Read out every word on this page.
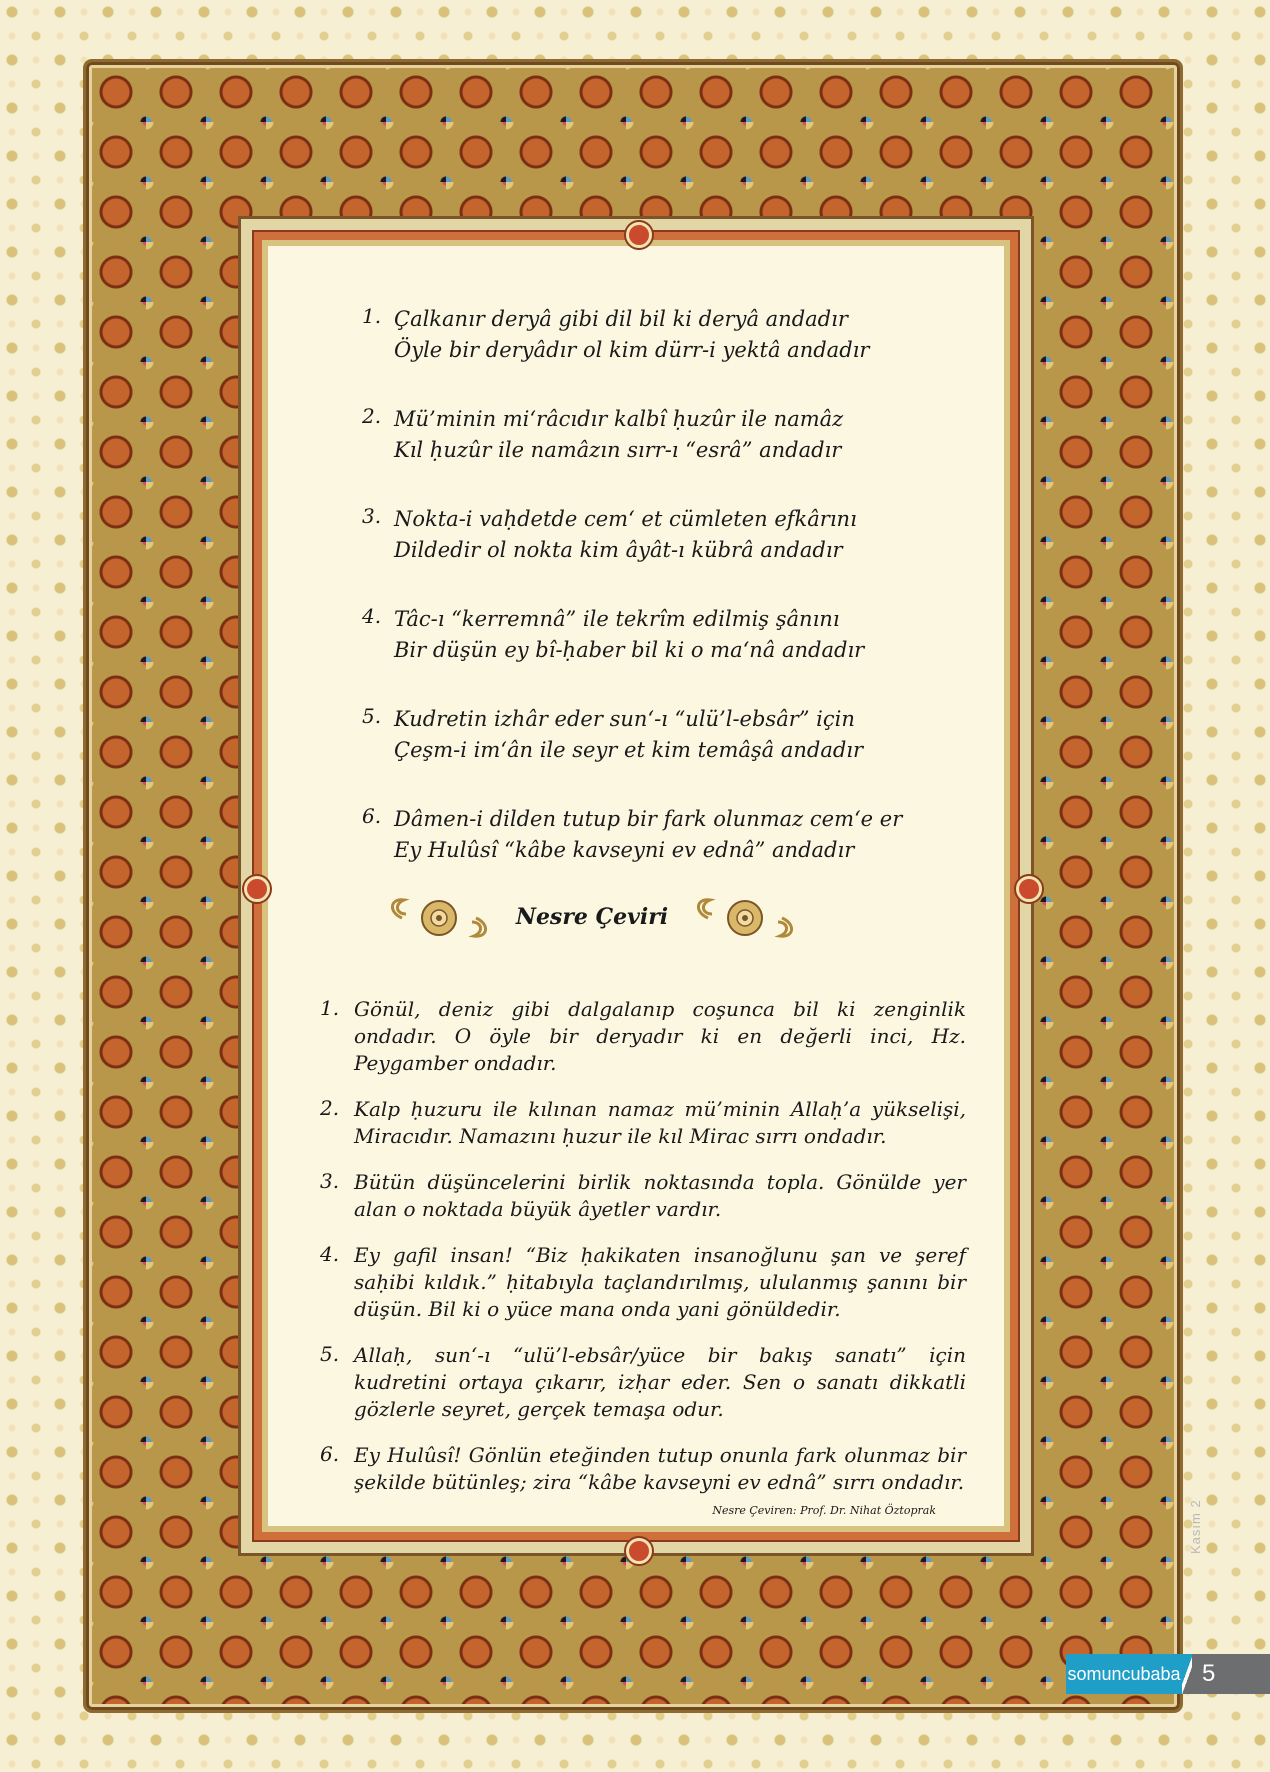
1. Çalkanır deryâ gibi dil bil ki deryâ andadır
Öyle bir deryâdır ol kim dürr-i yektâ andadır
2. Mü’minin mi‘râcıdır kalbî ḥuzûr ile namâz
Kıl ḥuzûr ile namâzın sırr-ı “esrâ” andadır
3. Nokta-i vaḥdetde cem‘ et cümleten efkârını
Dildedir ol nokta kim âyât-ı kübrâ andadır
4. Tâc-ı “kerremnâ” ile tekrîm edilmiş şânını
Bir düşün ey bî-ḥaber bil ki o ma‘nâ andadır
5. Kudretin izhâr eder sun‘-ı “ulü’l-ebsâr” için
Çeşm-i im‘ân ile seyr et kim temâşâ andadır
6. Dâmen-i dilden tutup bir fark olunmaz cem‘e er
Ey Hulûsî “kâbe kavseyni ev ednâ” andadır
Nesre Çeviri
1. Gönül, deniz gibi dalgalanıp coşunca bil ki zenginlik ondadır. O öyle bir deryadır ki en değerli inci, Hz. Peygamber ondadır.
2. Kalp ḥuzuru ile kılınan namaz mü’minin Allaḥ’a yükselişi, Miracıdır. Namazını ḥuzur ile kıl Mirac sırrı ondadır.
3. Bütün düşüncelerini birlik noktasında topla. Gönülde yer alan o noktada büyük âyetler vardır.
4. Ey gafil insan! “Biz ḥakikaten insanoğlunu şan ve şeref saḥibi kıldık.” ḥitabıyla taçlandırılmış, ululanmış şanını bir düşün. Bil ki o yüce mana onda yani gönüldedir.
5. Allaḥ, sun‘-ı “ulü’l-ebsâr/yüce bir bakış sanatı” için kudretini ortaya çıkarır, izḥar eder. Sen o sanatı dikkatli gözlerle seyret, gerçek temaşa odur.
6. Ey Hulûsî! Gönlün eteğinden tutup onunla fark olunmaz bir şekilde bütünleş; zira “kâbe kavseyni ev ednâ” sırrı ondadır.
Nesre Çeviren: Prof. Dr. Nihat Öztoprak	Kasım 2
somuncubaba 5
